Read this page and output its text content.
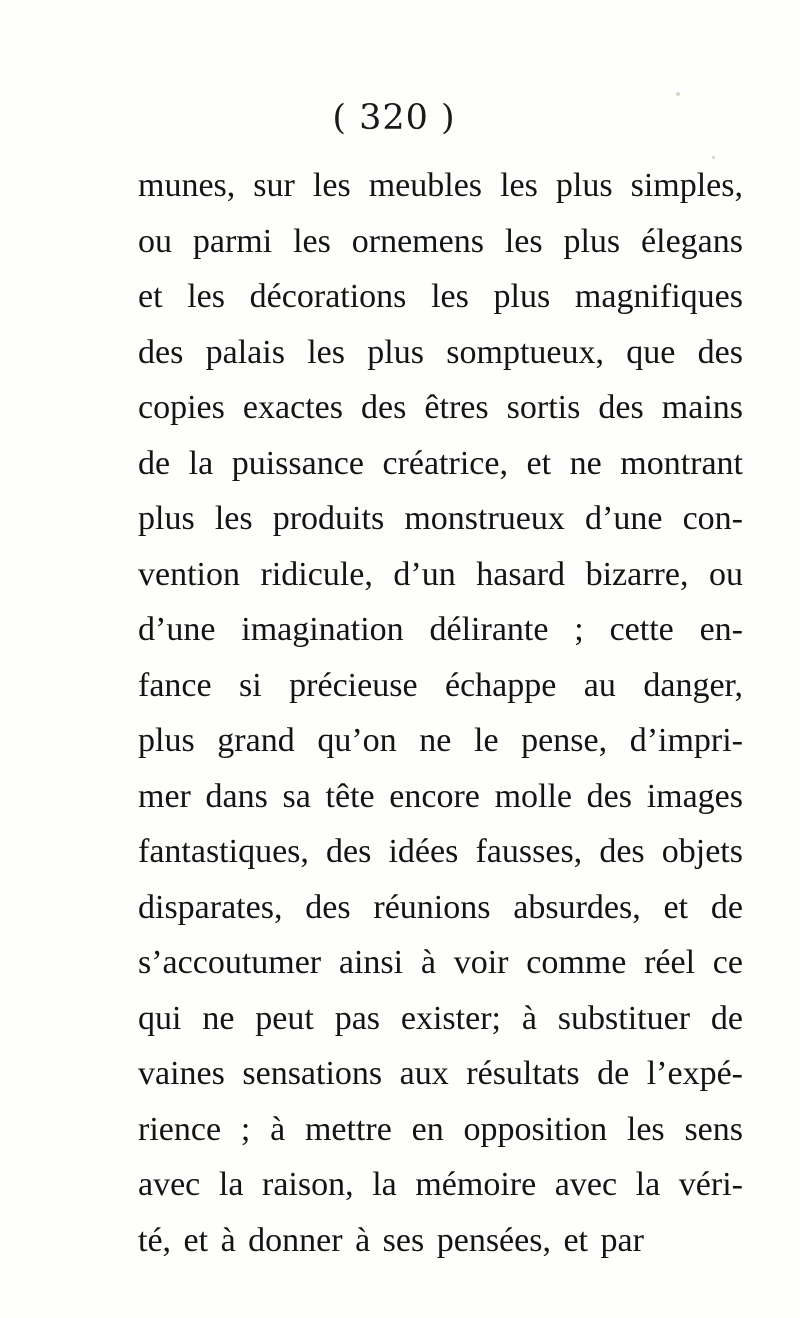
( 320 )
munes, sur les meubles les plus simples,
ou parmi les ornemens les plus élegans
et les décorations les plus magnifiques
des palais les plus somptueux, que des
copies exactes des êtres sortis des mains
de la puissance créatrice, et ne montrant
plus les produits monstrueux d’une con-
vention ridicule, d’un hasard bizarre, ou
d’une imagination délirante ; cette en-
fance si précieuse échappe au danger,
plus grand qu’on ne le pense, d’impri-
mer dans sa tête encore molle des images
fantastiques, des idées fausses, des objets
disparates, des réunions absurdes, et de
s’accoutumer ainsi à voir comme réel ce
qui ne peut pas exister; à substituer de
vaines sensations aux résultats de l’expé-
rience ; à mettre en opposition les sens
avec la raison, la mémoire avec la véri-
té, et à donner à ses pensées, et par
